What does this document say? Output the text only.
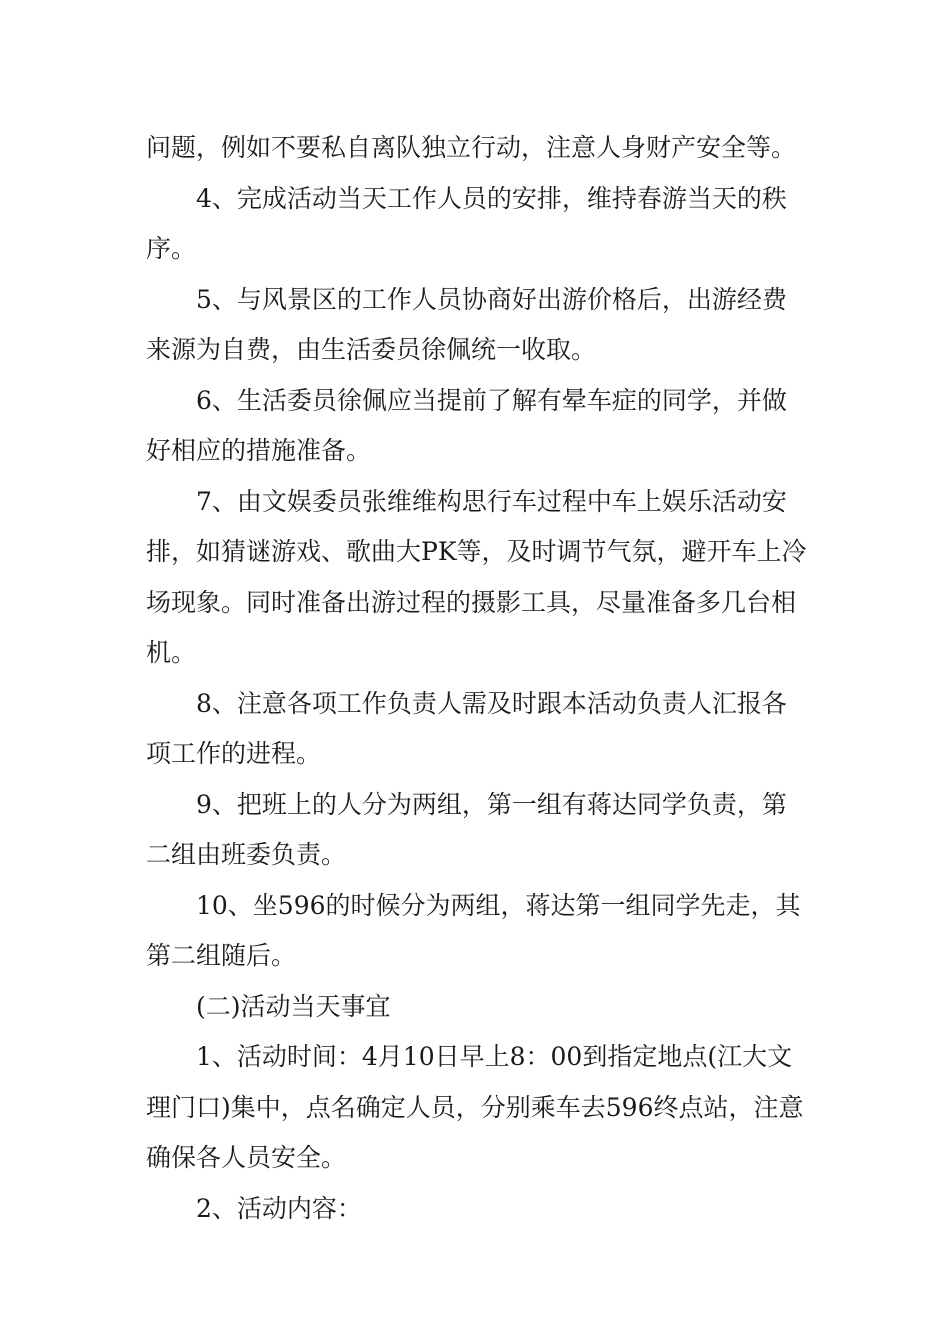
问题，例如不要私自离队独立行动，注意人身财产安全等。

4、完成活动当天工作人员的安排，维持春游当天的秩序。

5、与风景区的工作人员协商好出游价格后，出游经费来源为自费，由生活委员徐佩统一收取。

6、生活委员徐佩应当提前了解有晕车症的同学，并做好相应的措施准备。

7、由文娱委员张维维构思行车过程中车上娱乐活动安排，如猜谜游戏、歌曲大PK等，及时调节气氛，避开车上冷场现象。同时准备出游过程的摄影工具，尽量准备多几台相机。

8、注意各项工作负责人需及时跟本活动负责人汇报各项工作的进程。

9、把班上的人分为两组，第一组有蒋达同学负责，第二组由班委负责。

10、坐596的时候分为两组，蒋达第一组同学先走，其第二组随后。

(二)活动当天事宜

1、活动时间：4月10日早上8：00到指定地点(江大文理门口)集中，点名确定人员，分别乘车去596终点站，注意确保各人员安全。

2、活动内容：
